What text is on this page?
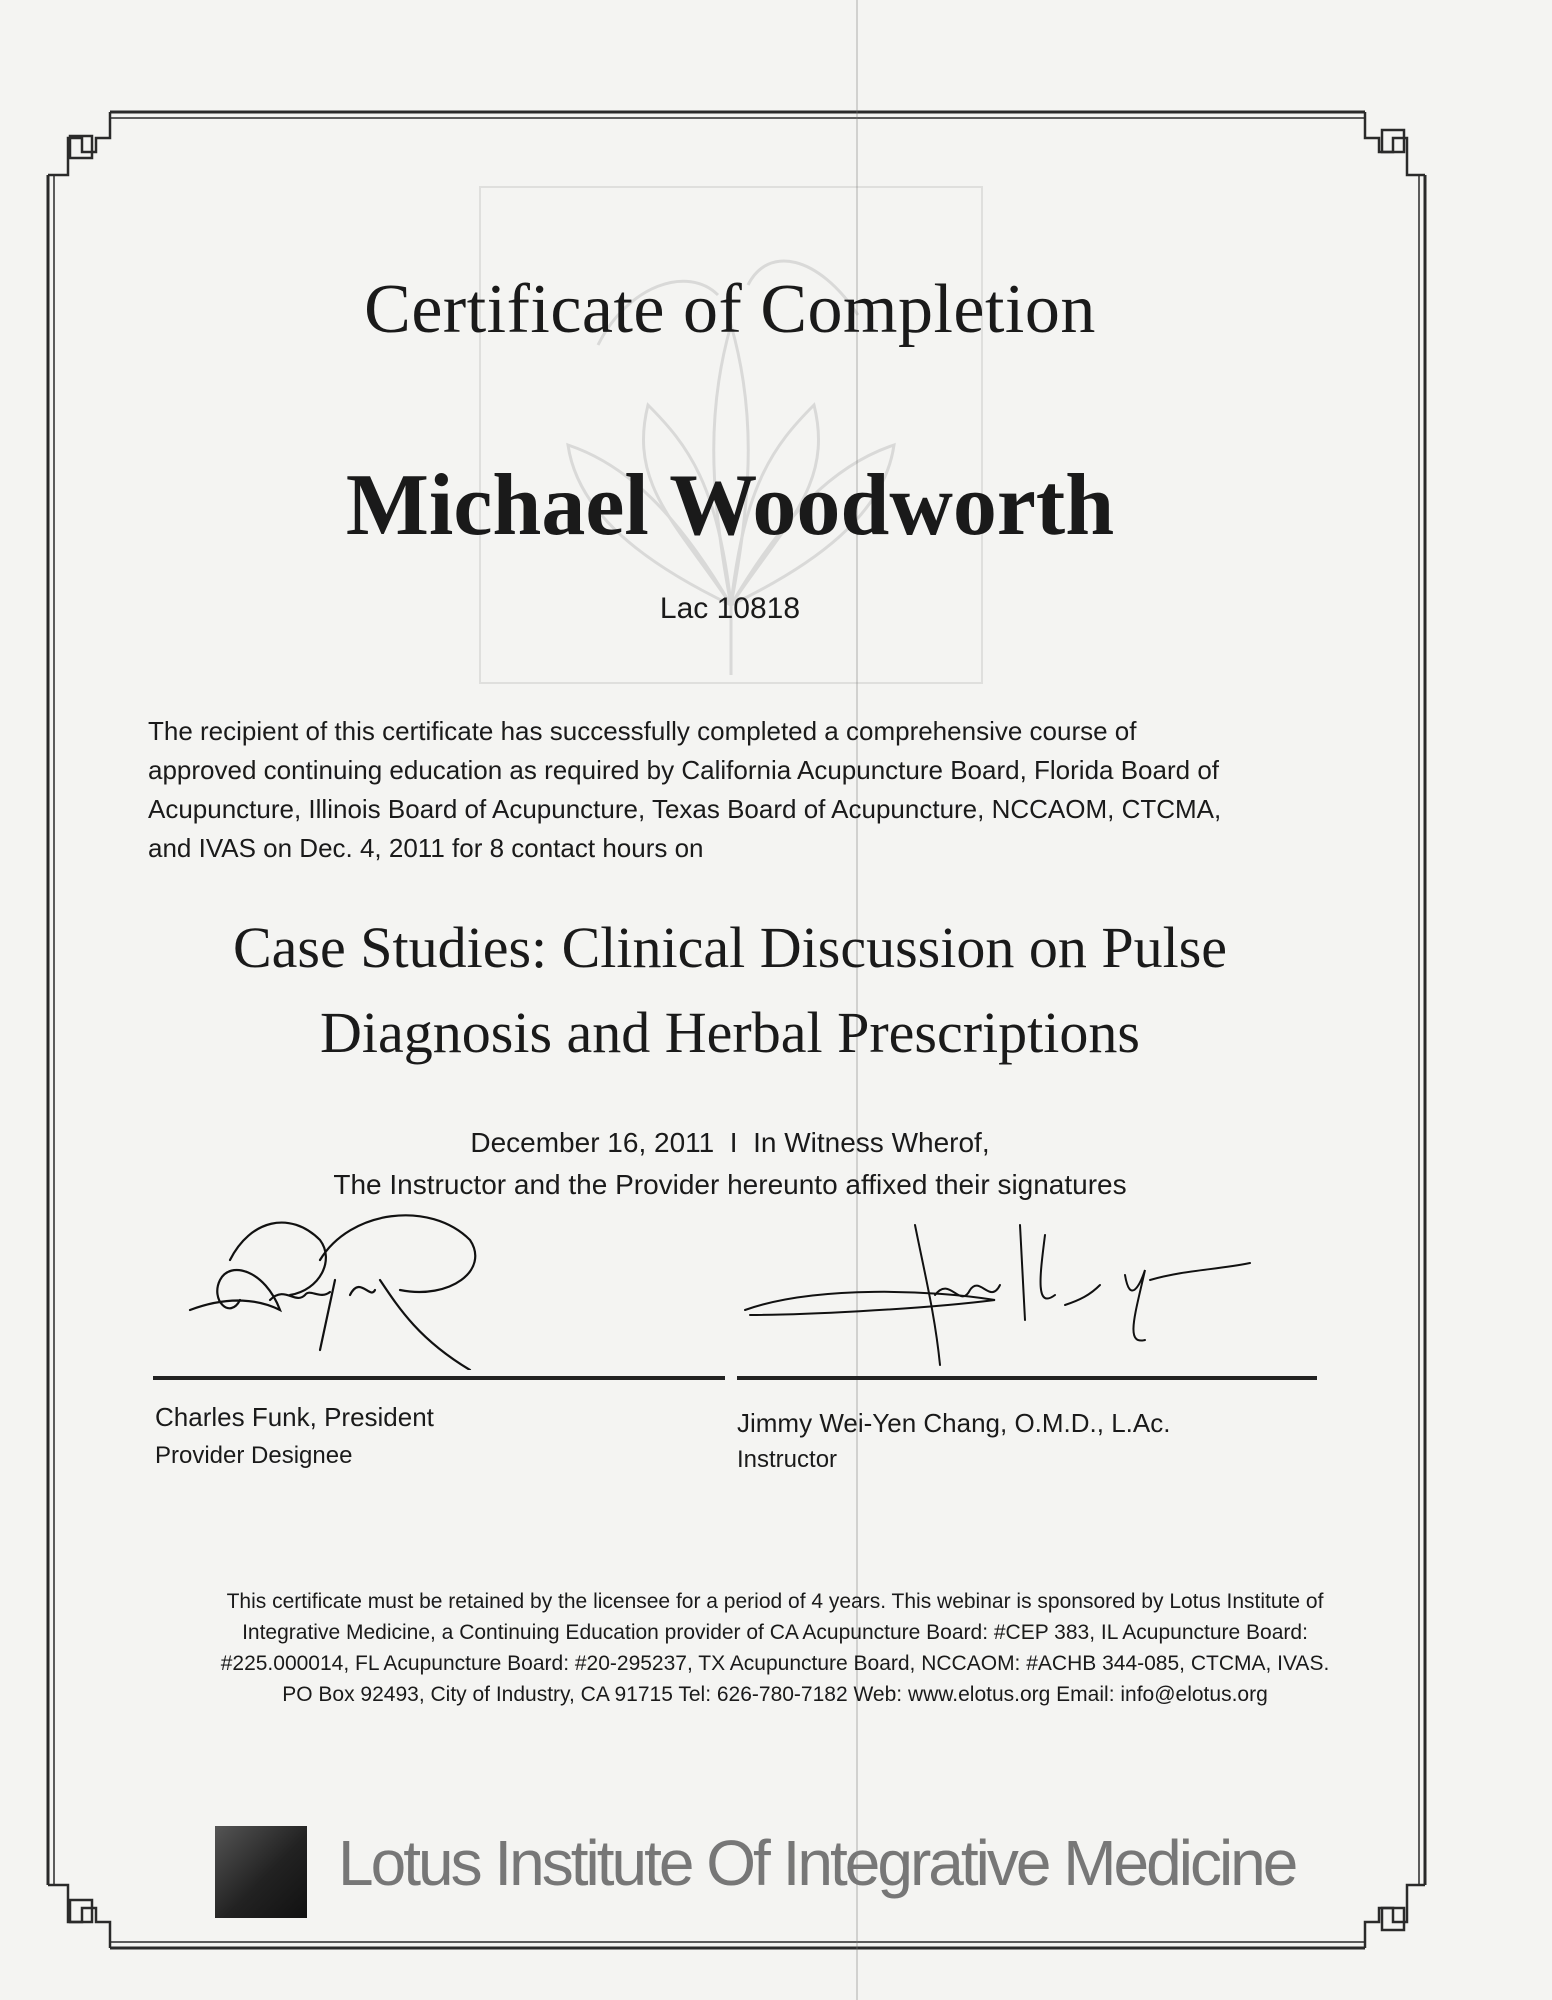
Certificate of Completion
Michael Woodworth
Lac 10818
The recipient of this certificate has successfully completed a comprehensive course of
approved continuing education as required by California Acupuncture Board, Florida Board of
Acupuncture, Illinois Board of Acupuncture, Texas Board of Acupuncture, NCCAOM, CTCMA,
and IVAS on Dec. 4, 2011 for 8 contact hours on
Case Studies: Clinical Discussion on Pulse
Diagnosis and Herbal Prescriptions
December 16, 2011  I  In Witness Wherof,
The Instructor and the Provider hereunto affixed their signatures
Charles Funk, President
Provider Designee
Jimmy Wei-Yen Chang, O.M.D., L.Ac.
Instructor
This certificate must be retained by the licensee for a period of 4 years. This webinar is sponsored by Lotus Institute of
Integrative Medicine, a Continuing Education provider of CA Acupuncture Board: #CEP 383, IL Acupuncture Board:
#225.000014, FL Acupuncture Board: #20-295237, TX Acupuncture Board, NCCAOM: #ACHB 344-085, CTCMA, IVAS.
PO Box 92493, City of Industry, CA 91715 Tel: 626-780-7182 Web: www.elotus.org Email: info@elotus.org
Lotus Institute Of Integrative Medicine
